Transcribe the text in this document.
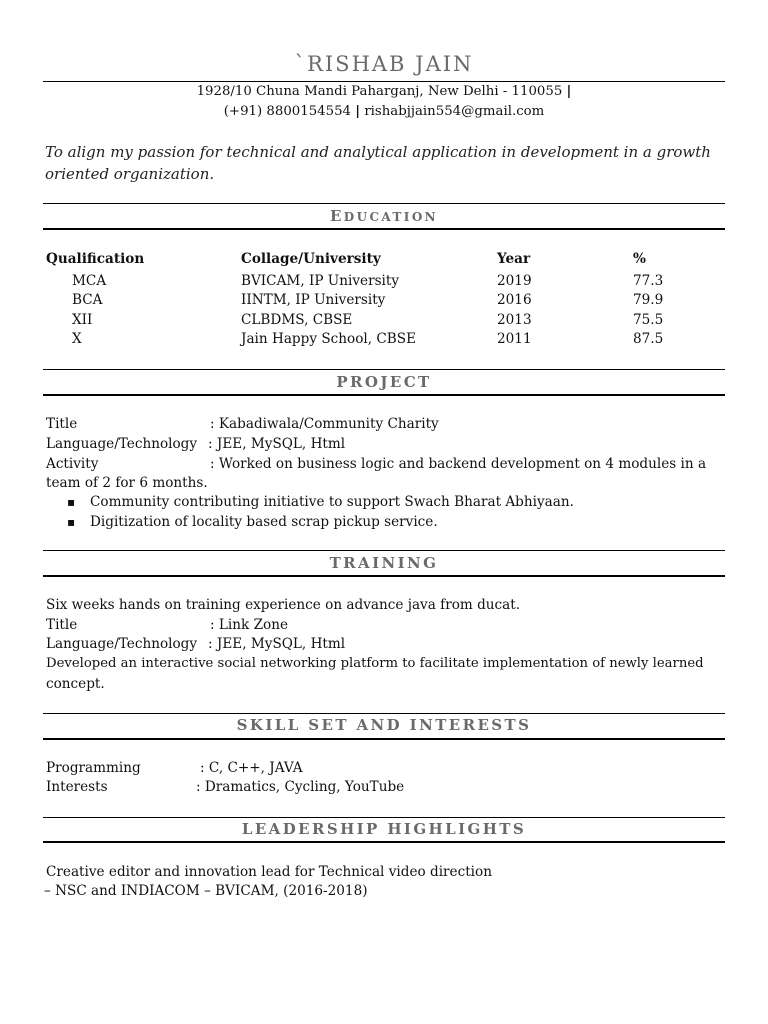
`RISHAB JAIN
1928/10 Chuna Mandi Paharganj, New Delhi - 110055 |
(+91) 8800154554 | rishabjjain554@gmail.com
To align my passion for technical and analytical application in development in a growth oriented organization.
EDUCATION
Qualification	Collage/University	Year	%
MCA	BVICAM, IP University	2019	77.3
BCA	IINTM, IP University	2016	79.9
XII	CLBDMS, CBSE	2013	75.5
X	Jain Happy School, CBSE	2011	87.5
PROJECT
Title	: Kabadiwala/Community Charity
Language/Technology : JEE, MySQL, Html
Activity	: Worked on business logic and backend development on 4 modules in a
team of 2 for 6 months.
▪ Community contributing initiative to support Swach Bharat Abhiyaan.
▪ Digitization of locality based scrap pickup service.
TRAINING
Six weeks hands on training experience on advance java from ducat.
Title	: Link Zone
Language/Technology : JEE, MySQL, Html
Developed an interactive social networking platform to facilitate implementation of newly learned
concept.
SKILL SET AND INTERESTS
Programming	: C, C++, JAVA
Interests	: Dramatics, Cycling, YouTube
LEADERSHIP HIGHLIGHTS
Creative editor and innovation lead for Technical video direction
– NSC and INDIACOM – BVICAM, (2016-2018)
